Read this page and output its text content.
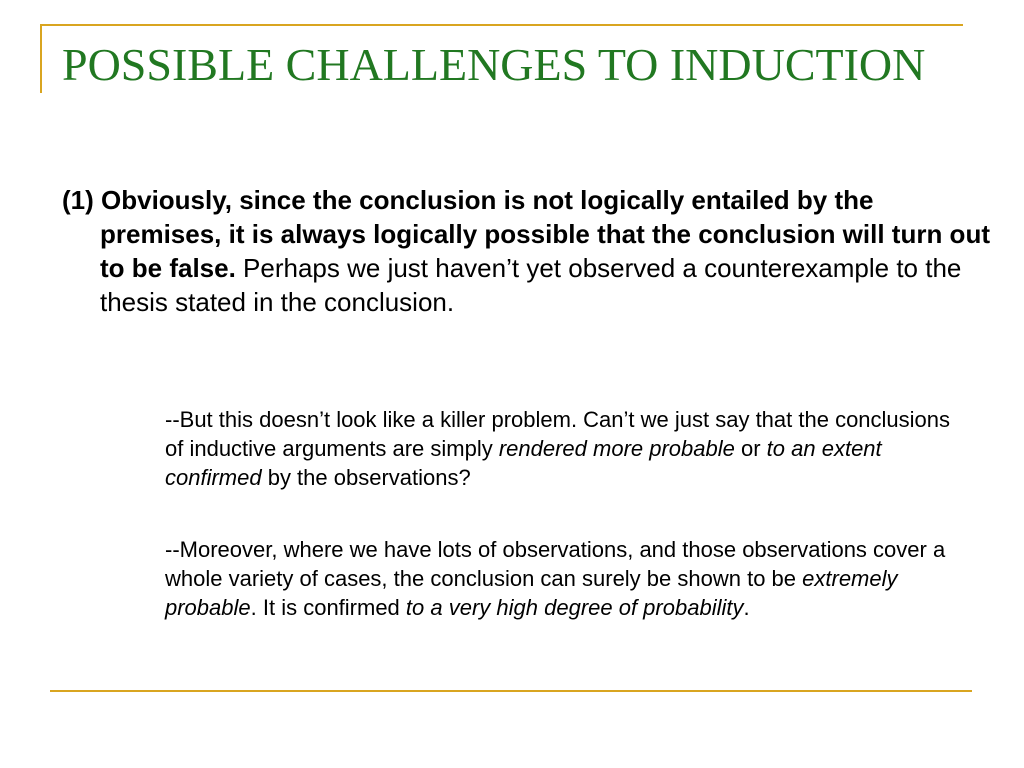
POSSIBLE CHALLENGES TO INDUCTION

(1) Obviously, since the conclusion is not logically entailed by the premises, it is always logically possible that the conclusion will turn out to be false. Perhaps we just haven’t yet observed a counterexample to the thesis stated in the conclusion.

--But this doesn’t look like a killer problem. Can’t we just say that the conclusions of inductive arguments are simply rendered more probable or to an extent confirmed by the observations?

--Moreover, where we have lots of observations, and those observations cover a whole variety of cases, the conclusion can surely be shown to be extremely probable. It is confirmed to a very high degree of probability.
